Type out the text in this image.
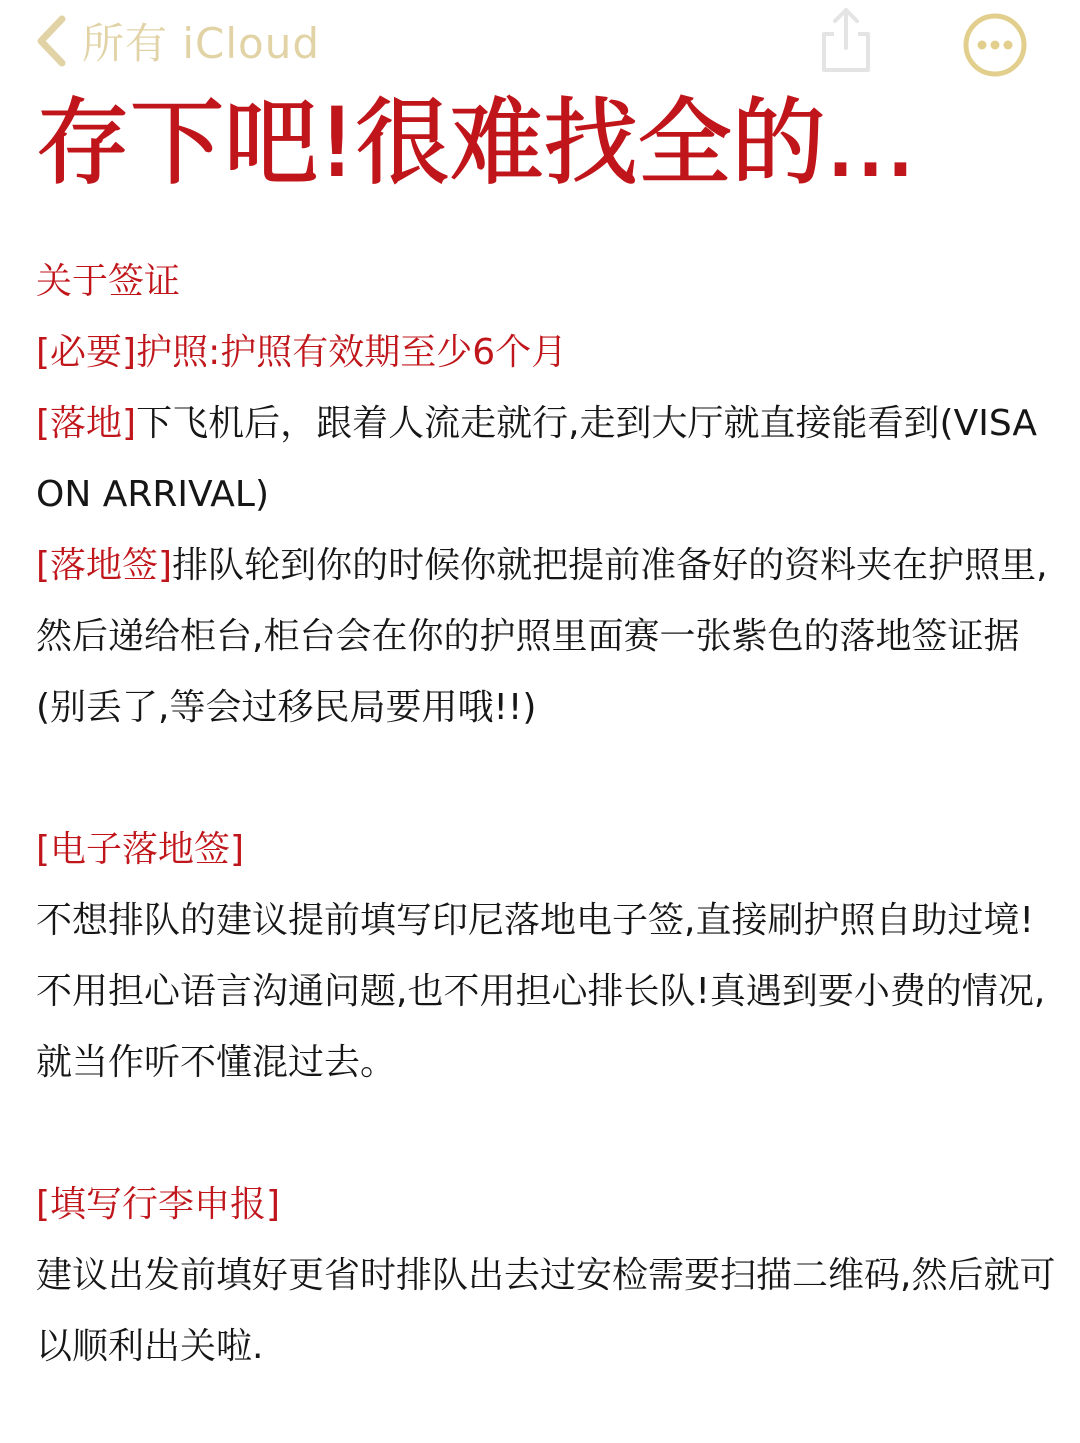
所有 iCloud
存下吧!很难找全的...

关于签证

[必要]护照:护照有效期至少6个月

[落地]下飞机后，跟着人流走就行,走到大厅就直接能看到(VISA ON ARRIVAL)

[落地签]排队轮到你的时候你就把提前准备好的资料夹在护照里,然后递给柜台,柜台会在你的护照里面赛一张紫色的落地签证据(别丢了,等会过移民局要用哦!!)

[电子落地签]

不想排队的建议提前填写印尼落地电子签,直接刷护照自助过境!不用担心语言沟通问题,也不用担心排长队!真遇到要小费的情况,就当作听不懂混过去。

[填写行李申报]

建议出发前填好更省时排队出去过安检需要扫描二维码,然后就可以顺利出关啦.
